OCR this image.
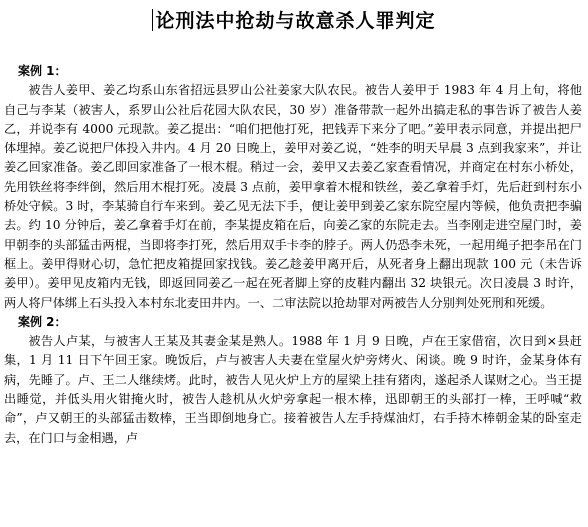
论刑法中抢劫与故意杀人罪判定

案例 1：

被告人姜甲、姜乙均系山东省招远县罗山公社姜家大队农民。被告人姜甲于 1983 年 4 月上旬，将他自己与李某（被害人，系罗山公社后花园大队农民，30 岁）准备带款一起外出搞走私的事告诉了被告人姜乙，并说李有 4000 元现款。姜乙提出：“咱们把他打死，把钱弄下来分了吧。”姜甲表示同意，并提出把尸体埋掉。姜乙说把尸体投入井内。4 月 20 日晚上，姜甲对姜乙说，“姓李的明天早晨 3 点到我家来”，并让姜乙回家准备。姜乙即回家准备了一根木棍。稍过一会，姜甲又去姜乙家查看情况，并商定在村东小桥处，先用铁丝将李绊倒，然后用木棍打死。凌晨 3 点前，姜甲拿着木棍和铁丝，姜乙拿着手灯，先后赶到村东小桥处守候。3 时，李某骑自行车来到。姜乙见无法下手，便让姜甲到姜乙家东院空屋内等候，他负责把李骗去。约 10 分钟后，姜乙拿着手灯在前，李某提皮箱在后，向姜乙家的东院走去。当李刚走进空屋门时，姜甲朝李的头部猛击两棍，当即将李打死，然后用双手卡李的脖子。两人仍恐李未死，一起用绳子把李吊在门框上。姜甲得财心切，急忙把皮箱提回家找钱。姜乙趁姜甲离开后，从死者身上翻出现款 100 元（未告诉姜甲）。姜甲见皮箱内无钱，即返回同姜乙一起在死者脚上穿的皮鞋内翻出 32 块银元。次日凌晨 3 时许，两人将尸体绑上石头投入本村东北麦田井内。一、二审法院以抢劫罪对两被告人分别判处死刑和死缓。

案例 2：

被告人卢某，与被害人王某及其妻金某是熟人。1988 年 1 月 9 日晚，卢在王家借宿，次日到×县赶集，1 月 11 日下午回王家。晚饭后，卢与被害人夫妻在堂屋火炉旁烤火、闲谈。晚 9 时许，金某身体有病，先睡了。卢、王二人继续烤。此时，被告人见火炉上方的屋梁上挂有猪肉，遂起杀人谋财之心。当王提出睡觉，并低头用火钳掩火时，被告人趁机从火炉旁拿起一根木棒，迅即朝王的头部打一棒，王呼喊“救命”，卢又朝王的头部猛击数棒，王当即倒地身亡。接着被告人左手持煤油灯，右手持木棒朝金某的卧室走去，在门口与金相遇，卢
